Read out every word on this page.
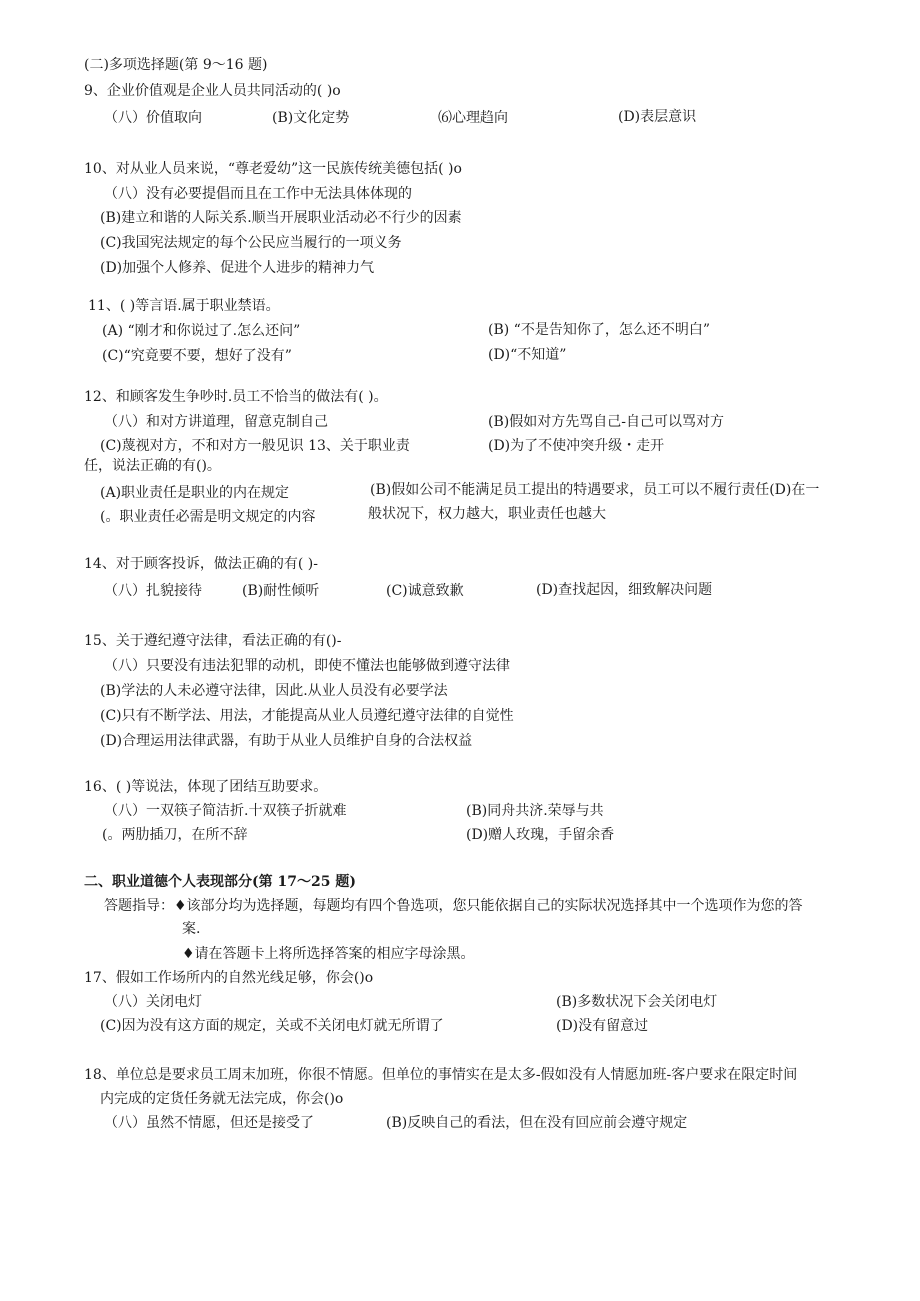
(二)多项选择题(第 9～16 题)
9、企业价值观是企业人员共同活动的( )o
（八）价值取向	(B)文化定势	⑹心理趋向	(D)表层意识
10、对从业人员来说，“尊老爱幼”这一民族传统美德包括( )o
（八）没有必要提倡而且在工作中无法具体体现的
(B)建立和谐的人际关系.顺当开展职业活动必不行少的因素
(C)我国宪法规定的每个公民应当履行的一项义务
(D)加强个人修养、促进个人进步的精神力气
11、( )等言语.属于职业禁语。
(A) “刚才和你说过了.怎么还问”	(B) “不是告知你了，怎么还不明白”
(C)“究竟要不要，想好了没有”	(D)“不知道”
12、和顾客发生争吵时.员工不恰当的做法有( )。
（八）和对方讲道理，留意克制自己	(B)假如对方先骂自己-自己可以骂对方
(C)蔑视对方，不和对方一般见识 13、关于职业责	(D)为了不使冲突升级・走开
任，说法正确的有()。
(A)职业责任是职业的内在规定	(B)假如公司不能满足员工提出的特遇要求，员工可以不履行责任(D)在一
(。职业责任必需是明文规定的内容	般状况下，权力越大，职业责任也越大
14、对于顾客投诉，做法正确的有( )-
（八）扎貌接待	(B)耐性倾听	(C)诚意致歉	(D)查找起因，细致解决问题
15、关于遵纪遵守法律，看法正确的有()-
（八）只要没有违法犯罪的动机，即使不懂法也能够做到遵守法律
(B)学法的人未必遵守法律，因此.从业人员没有必要学法
(C)只有不断学法、用法，才能提高从业人员遵纪遵守法律的自觉性
(D)合理运用法律武器，有助于从业人员维护自身的合法权益
16、( )等说法，体现了团结互助要求。
（八）一双筷子简洁折.十双筷子折就难	(B)同舟共济.荣辱与共
(。两肋插刀，在所不辞	(D)赠人玫瑰，手留余香
二、职业道德个人表现部分(第 17～25 题)
答题指导：♦该部分均为选择题，每题均有四个鲁选项，您只能依据自己的实际状况选择其中一个选项作为您的答
案.
♦请在答题卡上将所选择答案的相应字母涂黑。
17、假如工作场所内的自然光线足够，你会()o
（八）关闭电灯	(B)多数状况下会关闭电灯
(C)因为没有这方面的规定，关或不关闭电灯就无所谓了	(D)没有留意过
18、单位总是要求员工周末加班，你很不情愿。但单位的事情实在是太多-假如没有人情愿加班-客户要求在限定时间
内完成的定货任务就无法完成，你会()o
（八）虽然不情愿，但还是接受了	(B)反映自己的看法，但在没有回应前会遵守规定
